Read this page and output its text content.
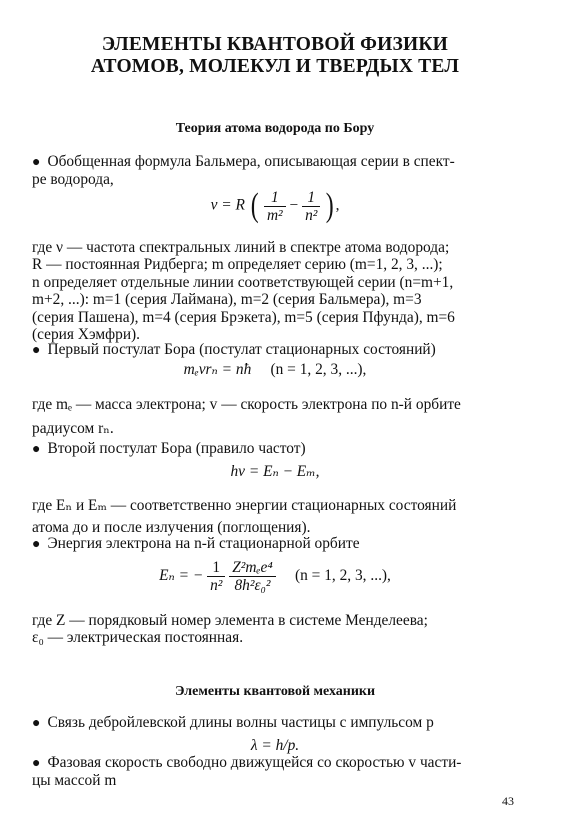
ЭЛЕМЕНТЫ КВАНТОВОЙ ФИЗИКИ
АТОМОВ, МОЛЕКУЛ И ТВЕРДЫХ ТЕЛ
Теория атома водорода по Бору
● Обобщенная формула Бальмера, описывающая серии в спект-
ре водорода,
ν = R ( $\frac{1}{\text{m²}} - \frac{1}{\text{n²}}$ ) ,
где ν — частота спектральных линий в спектре атома водорода;
R — постоянная Ридберга; m определяет серию (m=1, 2, 3, ...);
n определяет отдельные линии соответствующей серии (n=m+1,
m+2, ...): m=1 (серия Лаймана), m=2 (серия Бальмера), m=3
(серия Пашена), m=4 (серия Брэкета), m=5 (серия Пфунда), m=6
(серия Хэмфри).
● Первый постулат Бора (постулат стационарных состояний)
mₑvrₙ = nħ (n = 1, 2, 3, ...),
где mₑ — масса электрона; v — скорость электрона по n-й орбите
радиусом rₙ.
● Второй постулат Бора (правило частот)
hν = Eₙ − Eₘ,
где Eₙ и Eₘ — соответственно энергии стационарных состояний
атома до и после излучения (поглощения).
● Энергия электрона на n-й стационарной орбите
Eₙ = − $\frac{1}{\text{n²}}$
$\frac{\text{Z²mₑe⁴}}{\text{8h²ε₀²}} (n = 1$, 2, 3, ...),
где Z — порядковый номер элемента в системе Менделеева;
ε₀ — электрическая постоянная.
Элементы квантовой механики
● Связь дебройлевской длины волны частицы с импульсом p
λ = h/p.
● Фазовая скорость свободно движущейся со скоростью v части-
цы массой m
43
